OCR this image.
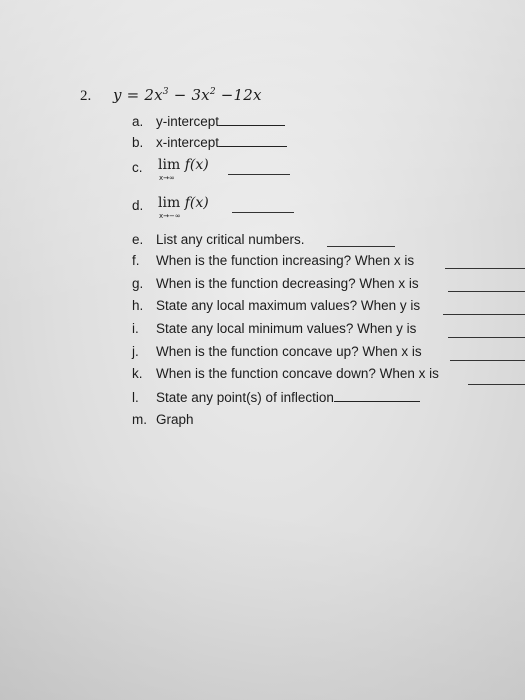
2. $y = 2x^3 - 3x^2 -12x$
a. y-intercept
b. x-intercept
c.	lim f(x)
x→∞
d.	lim f(x)
x→−∞
e. List any critical numbers.
f. When is the function increasing? When x is
g. When is the function decreasing? When x is
h. State any local maximum values? When y is
i. State any local minimum values? When y is
j. When is the function concave up? When x is
k. When is the function concave down? When x is
l. State any point(s) of inflection
m. Graph
